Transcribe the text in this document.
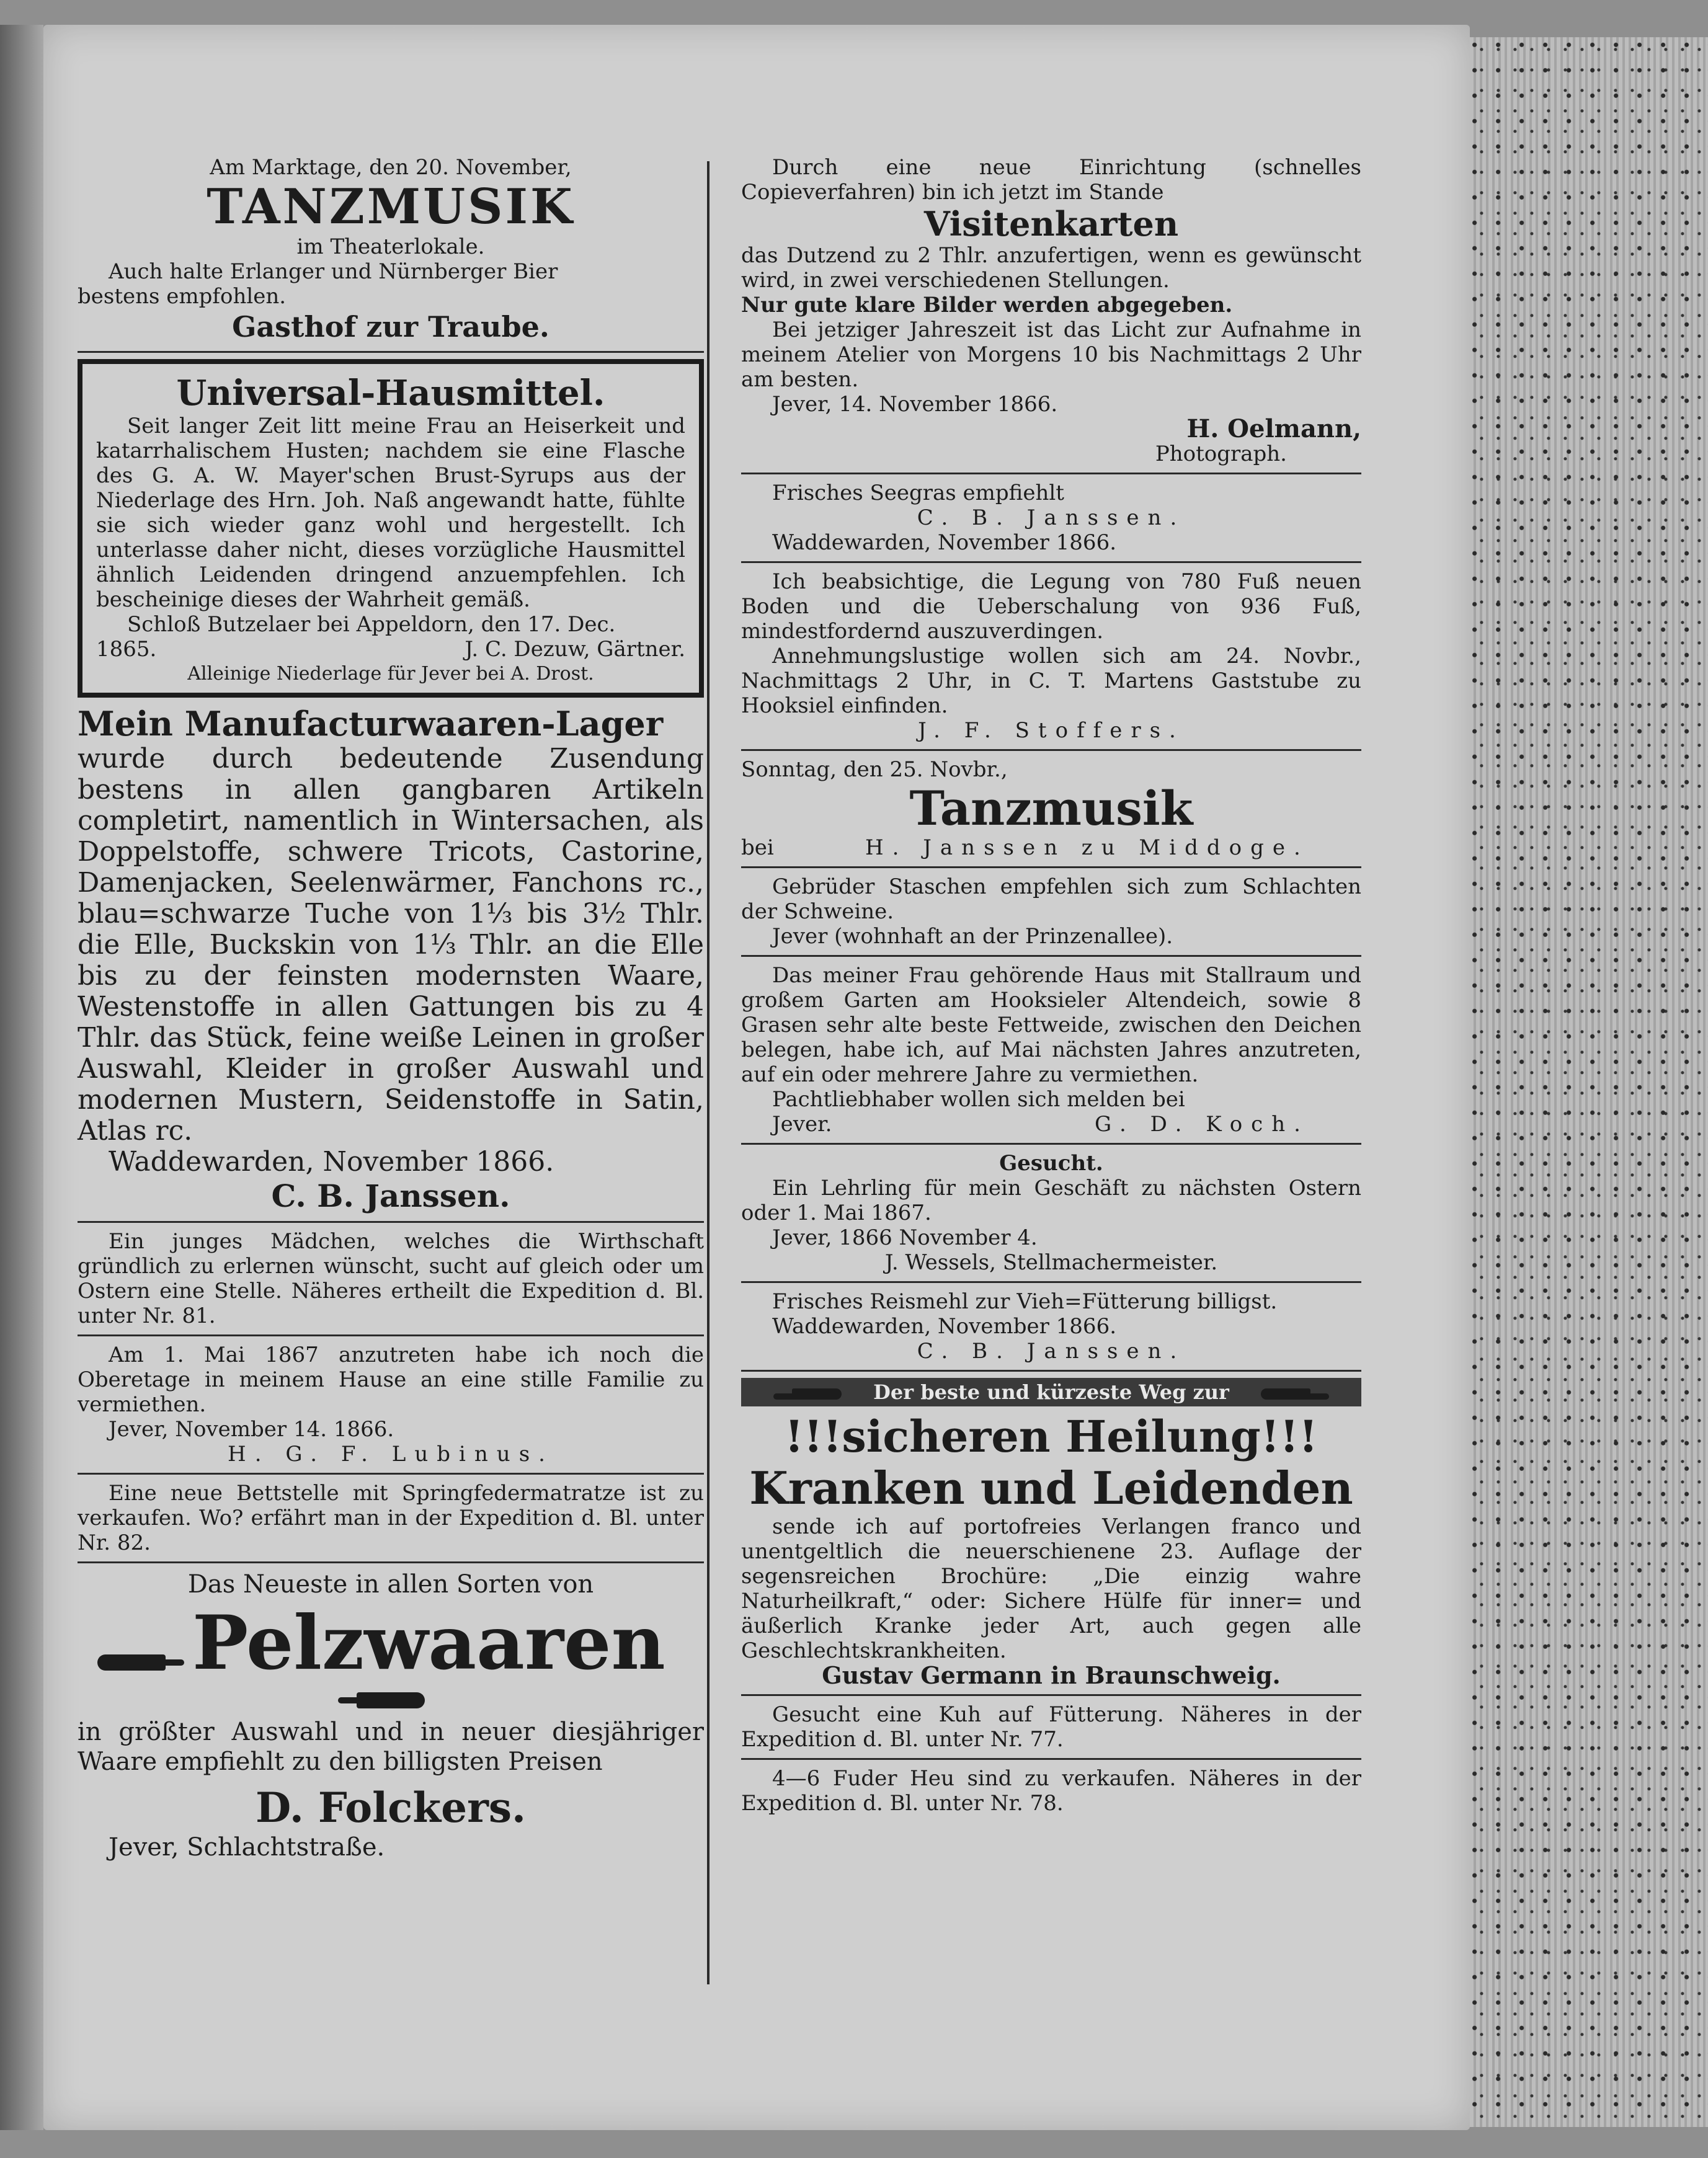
Am Marktage, den 20. November,
TANZMUSIK
im Theaterlokale.
Auch halte Erlanger und Nürnberger Bier
bestens empfohlen.
Gasthof zur Traube.
Universal-Hausmittel.
Seit langer Zeit litt meine Frau an Heiserkeit und katarrhalischem Husten; nachdem sie eine Flasche des G. A. W. Mayer'schen Brust-Syrups aus der Niederlage des Hrn. Joh. Naß angewandt hatte, fühlte sie sich wieder ganz wohl und hergestellt. Ich unterlasse daher nicht, dieses vorzügliche Hausmittel ähnlich Leidenden dringend anzuempfehlen. Ich bescheinige dieses der Wahrheit gemäß.
Schloß Butzelaer bei Appeldorn, den 17. Dec.
1865.	J. C. Dezuw, Gärtner.
Alleinige Niederlage für Jever bei A. Drost.
Mein Manufacturwaaren-Lager
wurde durch bedeutende Zusendung bestens in allen gangbaren Artikeln completirt, namentlich in Wintersachen, als Doppelstoffe, schwere Tricots, Castorine, Damenjacken, Seelenwärmer, Fanchons rc., blau=schwarze Tuche von 1⅓ bis 3½ Thlr. die Elle, Buckskin von 1⅓ Thlr. an die Elle bis zu der feinsten modernsten Waare, Westenstoffe in allen Gattungen bis zu 4 Thlr. das Stück, feine weiße Leinen in großer Auswahl, Kleider in großer Auswahl und modernen Mustern, Seidenstoffe in Satin, Atlas rc.
Waddewarden, November 1866.
C. B. Janssen.
Ein junges Mädchen, welches die Wirthschaft gründlich zu erlernen wünscht, sucht auf gleich oder um Ostern eine Stelle. Näheres ertheilt die Expedition d. Bl. unter Nr. 81.
Am 1. Mai 1867 anzutreten habe ich noch die Oberetage in meinem Hause an eine stille Familie zu vermiethen.
Jever, November 14. 1866.
H. G. F. Lubinus.
Eine neue Bettstelle mit Springfedermatratze ist zu verkaufen. Wo? erfährt man in der Expedition d. Bl. unter Nr. 82.
Das Neueste in allen Sorten von
Pelzwaaren
in größter Auswahl und in neuer diesjähriger Waare empfiehlt zu den billigsten Preisen
D. Folckers.
Jever, Schlachtstraße.
Durch eine neue Einrichtung (schnelles Copieverfahren) bin ich jetzt im Stande
Visitenkarten
das Dutzend zu 2 Thlr. anzufertigen, wenn es gewünscht wird, in zwei verschiedenen Stellungen.
Nur gute klare Bilder werden abgegeben.
Bei jetziger Jahreszeit ist das Licht zur Aufnahme in meinem Atelier von Morgens 10 bis Nachmittags 2 Uhr am besten.
Jever, 14. November 1866.
H. Oelmann,
Photograph.
Frisches Seegras empfiehlt
C. B. Janssen.
Waddewarden, November 1866.
Ich beabsichtige, die Legung von 780 Fuß neuen Boden und die Ueberschalung von 936 Fuß, mindestfordernd auszuverdingen.
Annehmungslustige wollen sich am 24. Novbr., Nachmittags 2 Uhr, in C. T. Martens Gaststube zu Hooksiel einfinden.
J. F. Stoffers.
Sonntag, den 25. Novbr.,
Tanzmusik
bei	H. Janssen zu Middoge.
Gebrüder Staschen empfehlen sich zum Schlachten der Schweine.
Jever (wohnhaft an der Prinzenallee).
Das meiner Frau gehörende Haus mit Stallraum und großem Garten am Hooksieler Altendeich, sowie 8 Grasen sehr alte beste Fettweide, zwischen den Deichen belegen, habe ich, auf Mai nächsten Jahres anzutreten, auf ein oder mehrere Jahre zu vermiethen.
Pachtliebhaber wollen sich melden bei
Jever.	G. D. Koch.
Gesucht.
Ein Lehrling für mein Geschäft zu nächsten Ostern oder 1. Mai 1867.
Jever, 1866 November 4.
J. Wessels, Stellmachermeister.
Frisches Reismehl zur Vieh=Fütterung billigst.
Waddewarden, November 1866.
C. B. Janssen.
Der beste und kürzeste Weg zur
!!!sicheren Heilung!!!
Kranken und Leidenden
sende ich auf portofreies Verlangen franco und unentgeltlich die neuerschienene 23. Auflage der segensreichen Brochüre: „Die einzig wahre Naturheilkraft,“ oder: Sichere Hülfe für inner= und äußerlich Kranke jeder Art, auch gegen alle Geschlechtskrankheiten.
Gustav Germann in Braunschweig.
Gesucht eine Kuh auf Fütterung. Näheres in der Expedition d. Bl. unter Nr. 77.
4—6 Fuder Heu sind zu verkaufen. Näheres in der Expedition d. Bl. unter Nr. 78.
